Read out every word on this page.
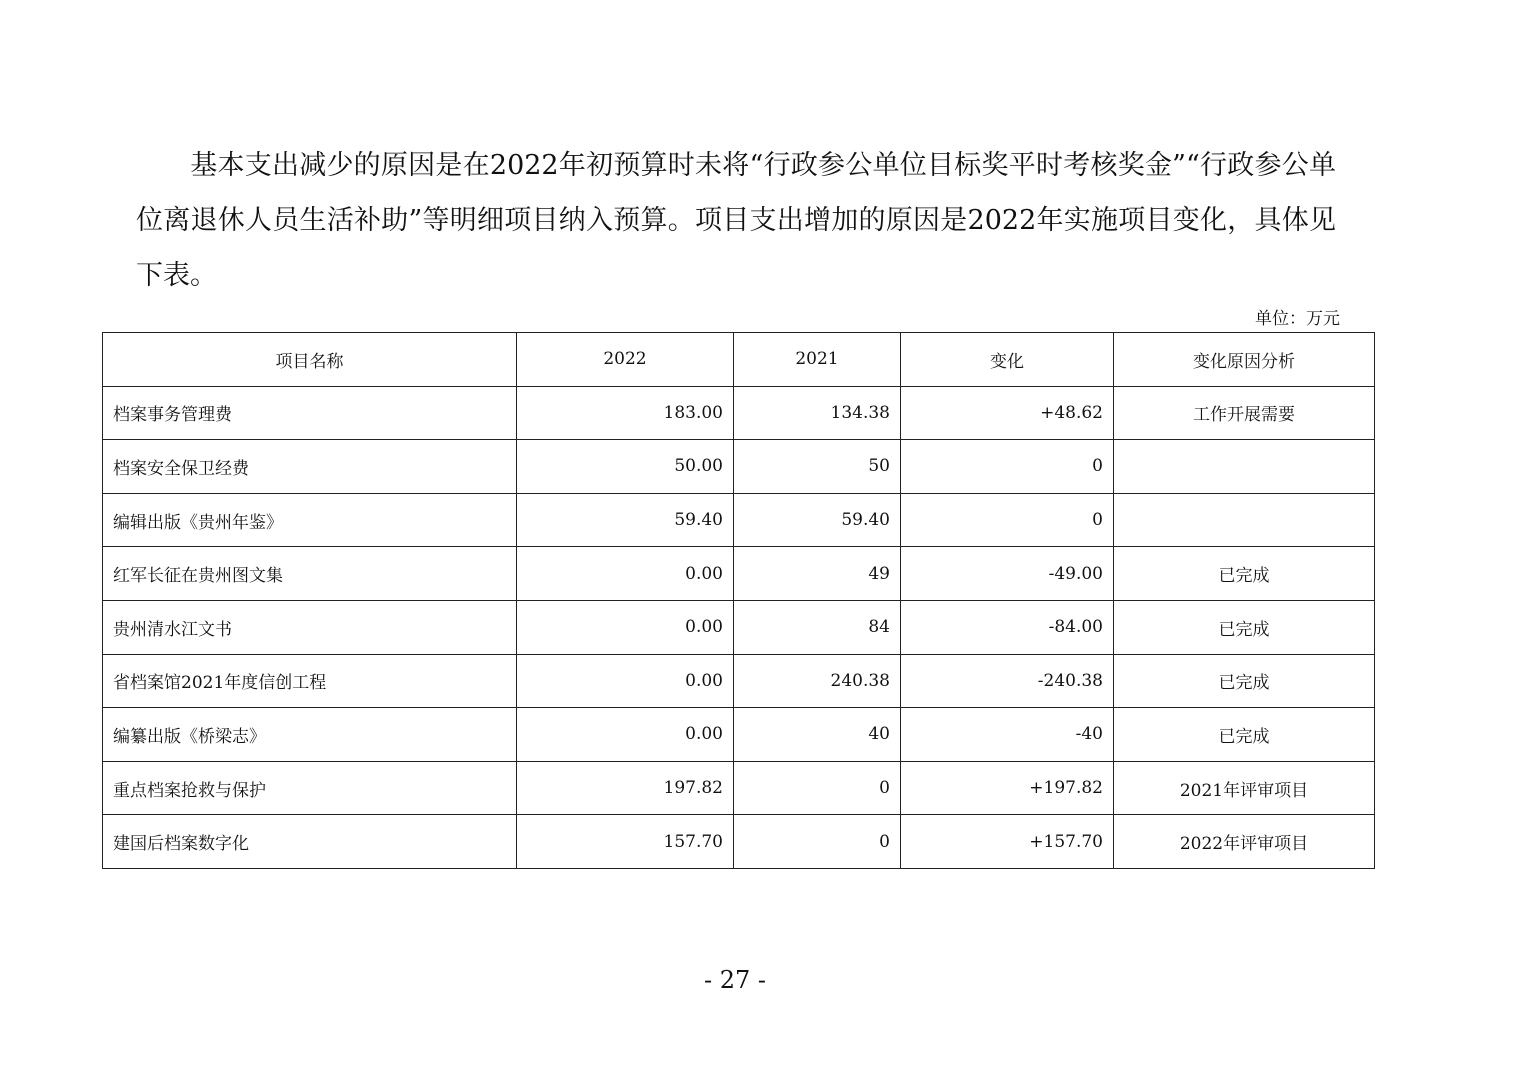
基本支出减少的原因是在2022年初预算时未将“行政参公单位目标奖平时考核奖金”“行政参公单位离退休人员生活补助”等明细项目纳入预算。项目支出增加的原因是2022年实施项目变化，具体见下表。
单位：万元
项目名称	2022	2021	变化	变化原因分析
档案事务管理费	183.00	134.38	+48.62	工作开展需要
档案安全保卫经费	50.00	50	0	
编辑出版《贵州年鉴》	59.40	59.40	0	
红军长征在贵州图文集	0.00	49	-49.00	已完成
贵州清水江文书	0.00	84	-84.00	已完成
省档案馆2021年度信创工程	0.00	240.38	-240.38	已完成
编纂出版《桥梁志》	0.00	40	-40	已完成
重点档案抢救与保护	197.82	0	+197.82	2021年评审项目
建国后档案数字化	157.70	0	+157.70	2022年评审项目
- 27 -
